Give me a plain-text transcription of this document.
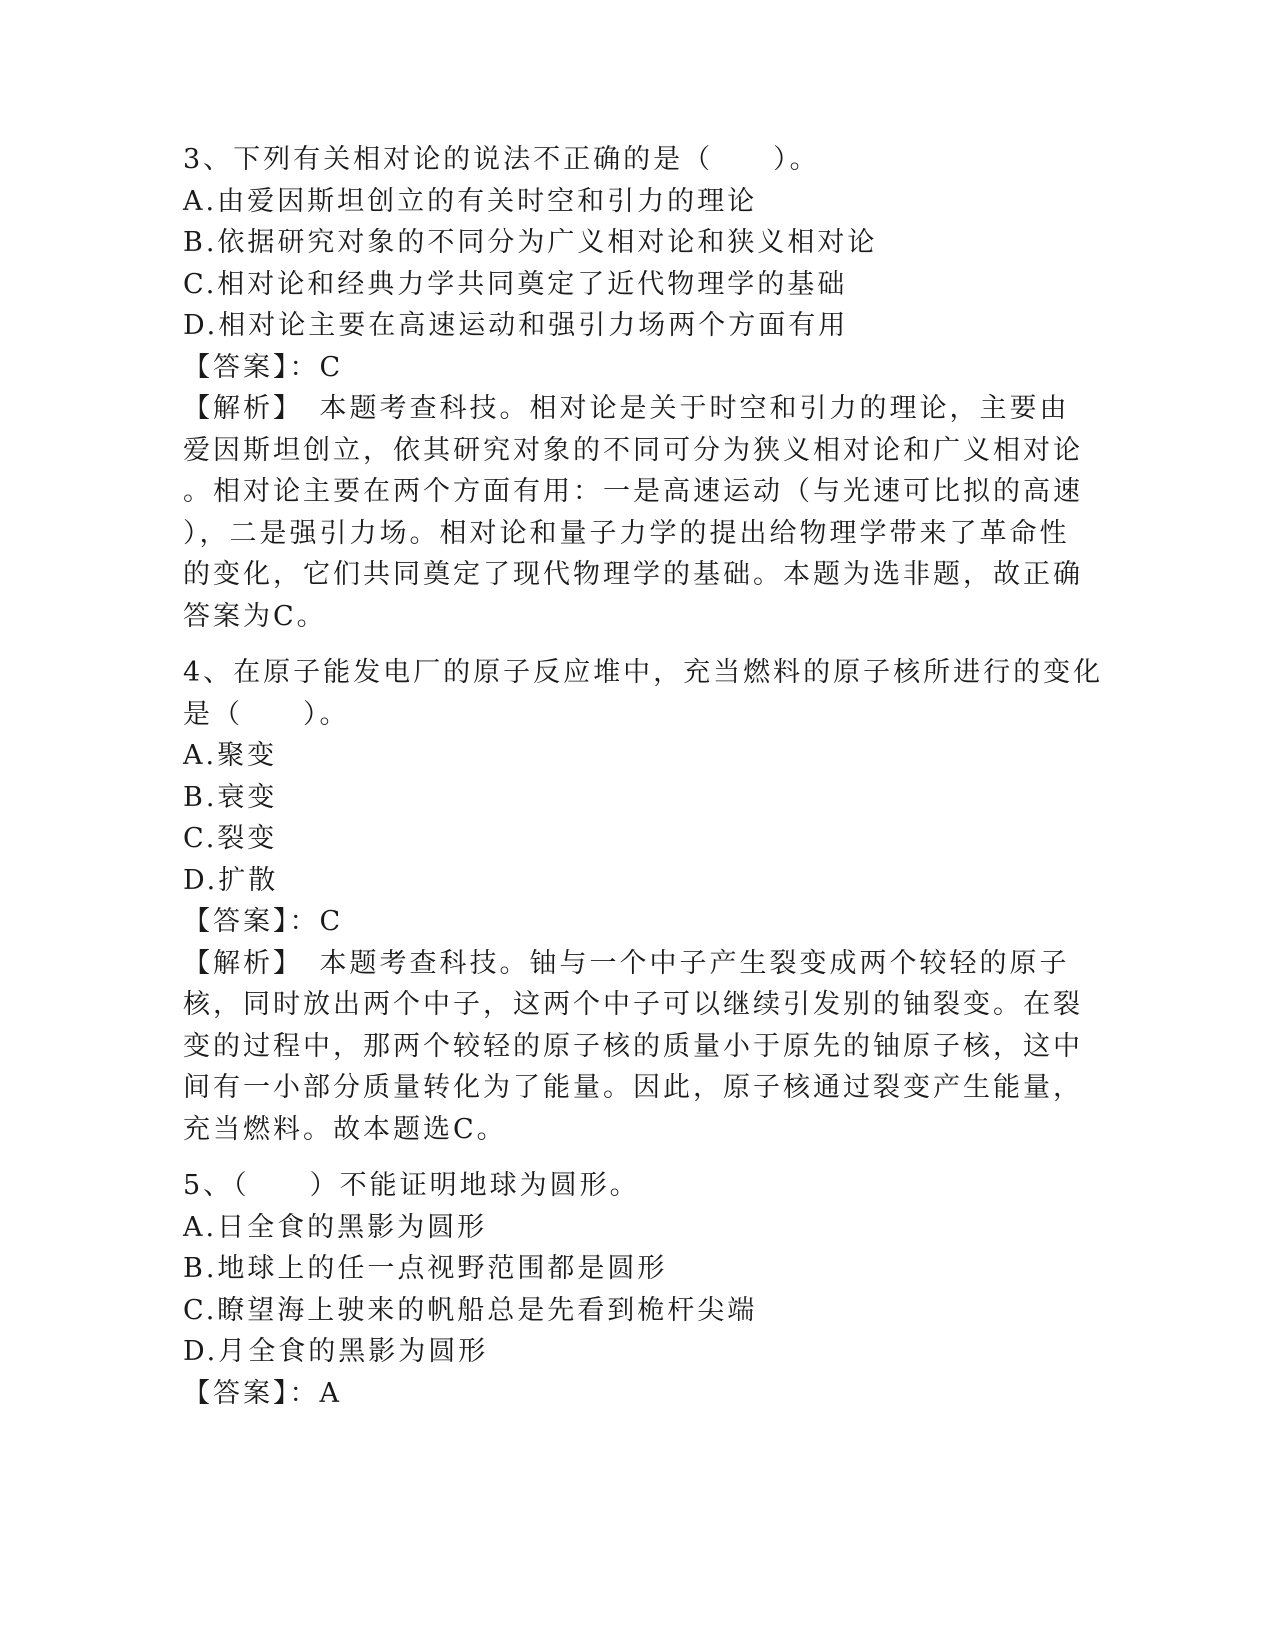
3、下列有关相对论的说法不正确的是（　　）。
A.由爱因斯坦创立的有关时空和引力的理论
B.依据研究对象的不同分为广义相对论和狭义相对论
C.相对论和经典力学共同奠定了近代物理学的基础
D.相对论主要在高速运动和强引力场两个方面有用
【答案】：C
【解析】　本题考查科技。相对论是关于时空和引力的理论，主要由
爱因斯坦创立，依其研究对象的不同可分为狭义相对论和广义相对论
。相对论主要在两个方面有用：一是高速运动（与光速可比拟的高速
），二是强引力场。相对论和量子力学的提出给物理学带来了革命性
的变化，它们共同奠定了现代物理学的基础。本题为选非题，故正确
答案为C。
4、在原子能发电厂的原子反应堆中，充当燃料的原子核所进行的变化
是（　　）。
A.聚变
B.衰变
C.裂变
D.扩散
【答案】：C
【解析】　本题考查科技。铀与一个中子产生裂变成两个较轻的原子
核，同时放出两个中子，这两个中子可以继续引发别的铀裂变。在裂
变的过程中，那两个较轻的原子核的质量小于原先的铀原子核，这中
间有一小部分质量转化为了能量。因此，原子核通过裂变产生能量，
充当燃料。故本题选C。
5、（　　）不能证明地球为圆形。
A.日全食的黑影为圆形
B.地球上的任一点视野范围都是圆形
C.瞭望海上驶来的帆船总是先看到桅杆尖端
D.月全食的黑影为圆形
【答案】：A
